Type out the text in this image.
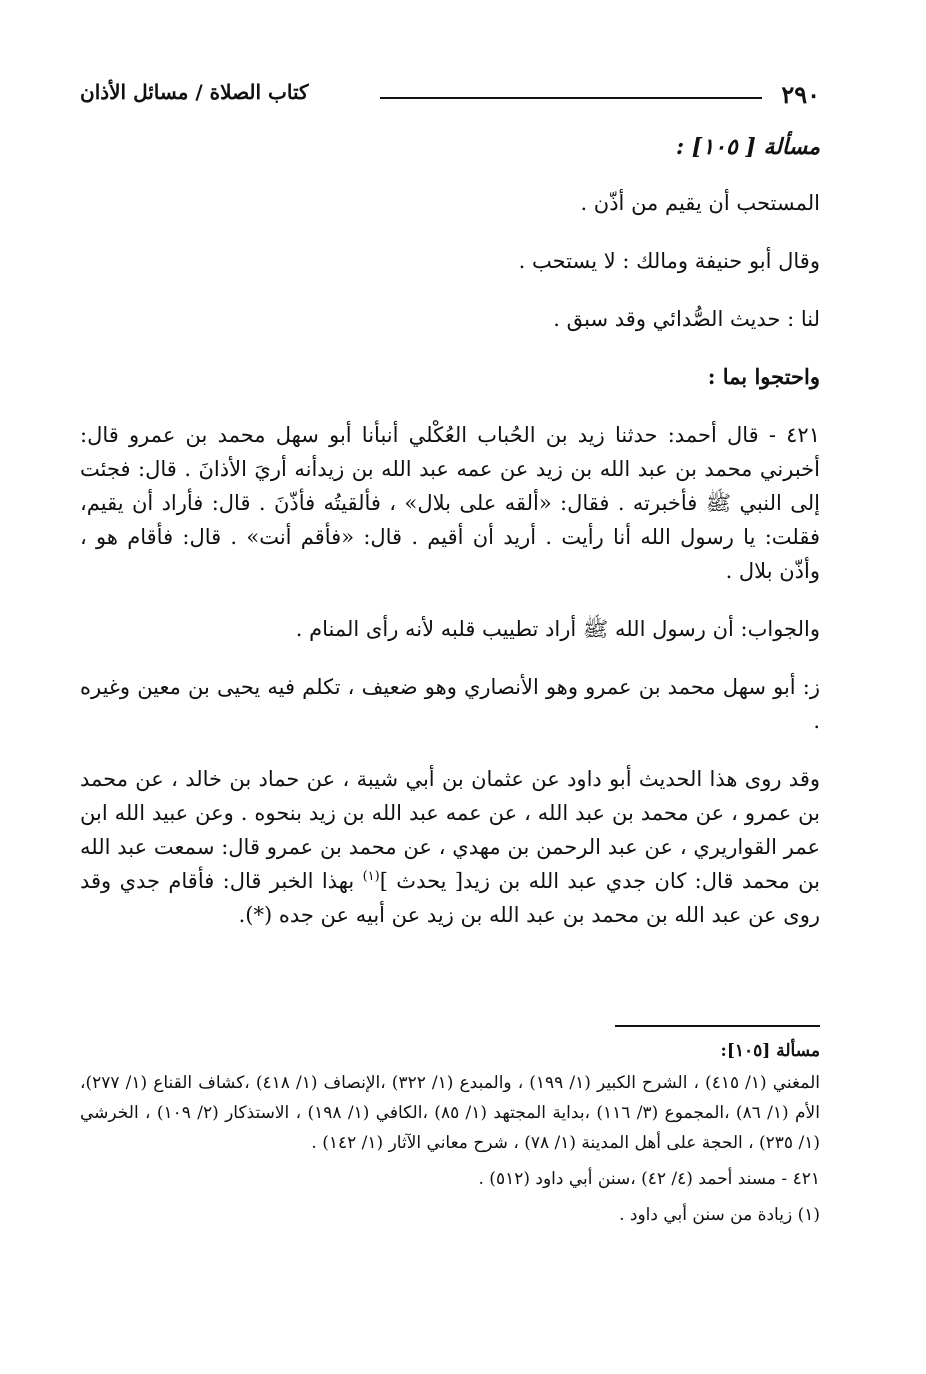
٢٩٠
كتاب الصلاة / مسائل الأذان

مسألة [ ١٠٥] :

المستحب أن يقيم من أذّن .

وقال أبو حنيفة ومالك : لا يستحب .

لنا : حديث الصُّدائي وقد سبق .

واحتجوا بما :

٤٢١ - قال أحمد: حدثنا زيد بن الحُباب العُكْلي أنبأنا أبو سهل محمد بن عمرو قال: أخبرني محمد بن عبد الله بن زيد عن عمه عبد الله بن زيدأنه أريَ الأذانَ . قال: فجئت إلى النبي ﷺ فأخبرته . فقال: «ألقه على بلال» ، فألقيتُه فأذّنَ . قال: فأراد أن يقيم، فقلت: يا رسول الله أنا رأيت . أريد أن أقيم . قال: «فأقم أنت» . قال: فأقام هو ، وأذّن بلال .

والجواب: أن رسول الله ﷺ أراد تطييب قلبه لأنه رأى المنام .

ز: أبو سهل محمد بن عمرو وهو الأنصاري وهو ضعيف ، تكلم فيه يحيى بن معين وغيره .

وقد روى هذا الحديث أبو داود عن عثمان بن أبي شيبة ، عن حماد بن خالد ، عن محمد بن عمرو ، عن محمد بن عبد الله ، عن عمه عبد الله بن زيد بنحوه . وعن عبيد الله ابن عمر القواريري ، عن عبد الرحمن بن مهدي ، عن محمد بن عمرو قال: سمعت عبد الله بن محمد قال: كان جدي عبد الله بن زيد[ يحدث ]$^{(١)}$ بهذا الخبر قال: فأقام جدي وقد روى عن عبد الله بن محمد بن عبد الله بن زيد عن أبيه عن جده (*).

مسألة [١٠٥]:

المغني (١/ ٤١٥) ، الشرح الكبير (١/ ١٩٩) ، والمبدع (١/ ٣٢٢) ،الإنصاف (١/ ٤١٨) ،كشاف القناع (١/ ٢٧٧)، الأم (١/ ٨٦) ،المجموع (٣/ ١١٦) ،بداية المجتهد (١/ ٨٥) ،الكافي (١/ ١٩٨) ، الاستذكار (٢/ ١٠٩) ، الخرشي (١/ ٢٣٥) ، الحجة على أهل المدينة (١/ ٧٨) ، شرح معاني الآثار (١/ ١٤٢) .

٤٢١ - مسند أحمد (٤/ ٤٢) ،سنن أبي داود (٥١٢) .

(١) زيادة من سنن أبي داود .
